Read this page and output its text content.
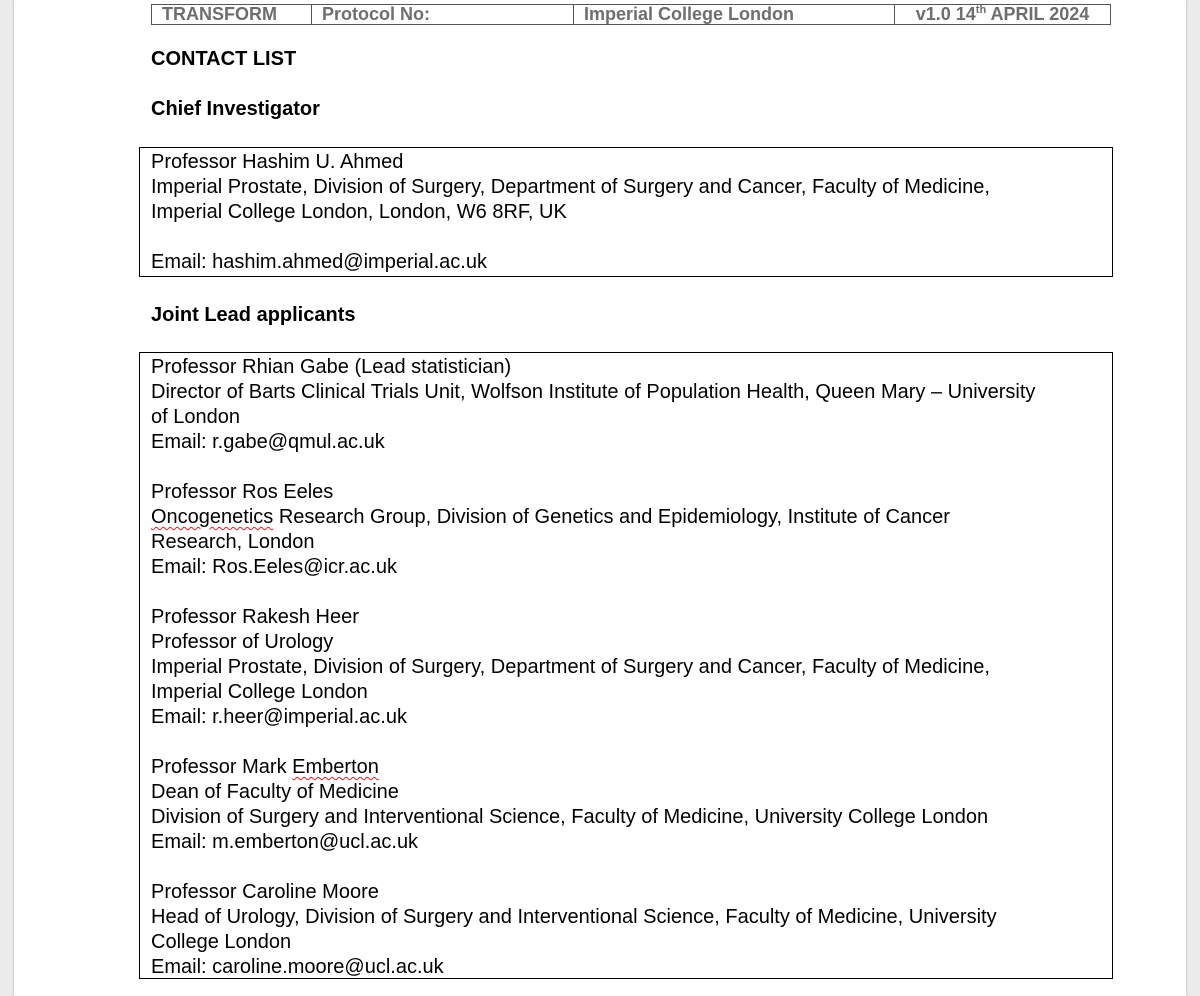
TRANSFORM	Protocol No:	Imperial College London	v1.0 14th APRIL 2024
CONTACT LIST
Chief Investigator

Professor Hashim U. Ahmed

Imperial Prostate, Division of Surgery, Department of Surgery and Cancer, Faculty of Medicine,

Imperial College London, London, W6 8RF, UK

Email: hashim.ahmed@imperial.ac.uk

Joint Lead applicants

Professor Rhian Gabe (Lead statistician)

Director of Barts Clinical Trials Unit, Wolfson Institute of Population Health, Queen Mary – University

of London

Email: r.gabe@qmul.ac.uk

Professor Ros Eeles

Oncogenetics Research Group, Division of Genetics and Epidemiology, Institute of Cancer

Research, London

Email: Ros.Eeles@icr.ac.uk

Professor Rakesh Heer

Professor of Urology

Imperial Prostate, Division of Surgery, Department of Surgery and Cancer, Faculty of Medicine,

Imperial College London

Email: r.heer@imperial.ac.uk

Professor Mark Emberton

Dean of Faculty of Medicine

Division of Surgery and Interventional Science, Faculty of Medicine, University College London

Email: m.emberton@ucl.ac.uk

Professor Caroline Moore

Head of Urology, Division of Surgery and Interventional Science, Faculty of Medicine, University

College London

Email: caroline.moore@ucl.ac.uk
